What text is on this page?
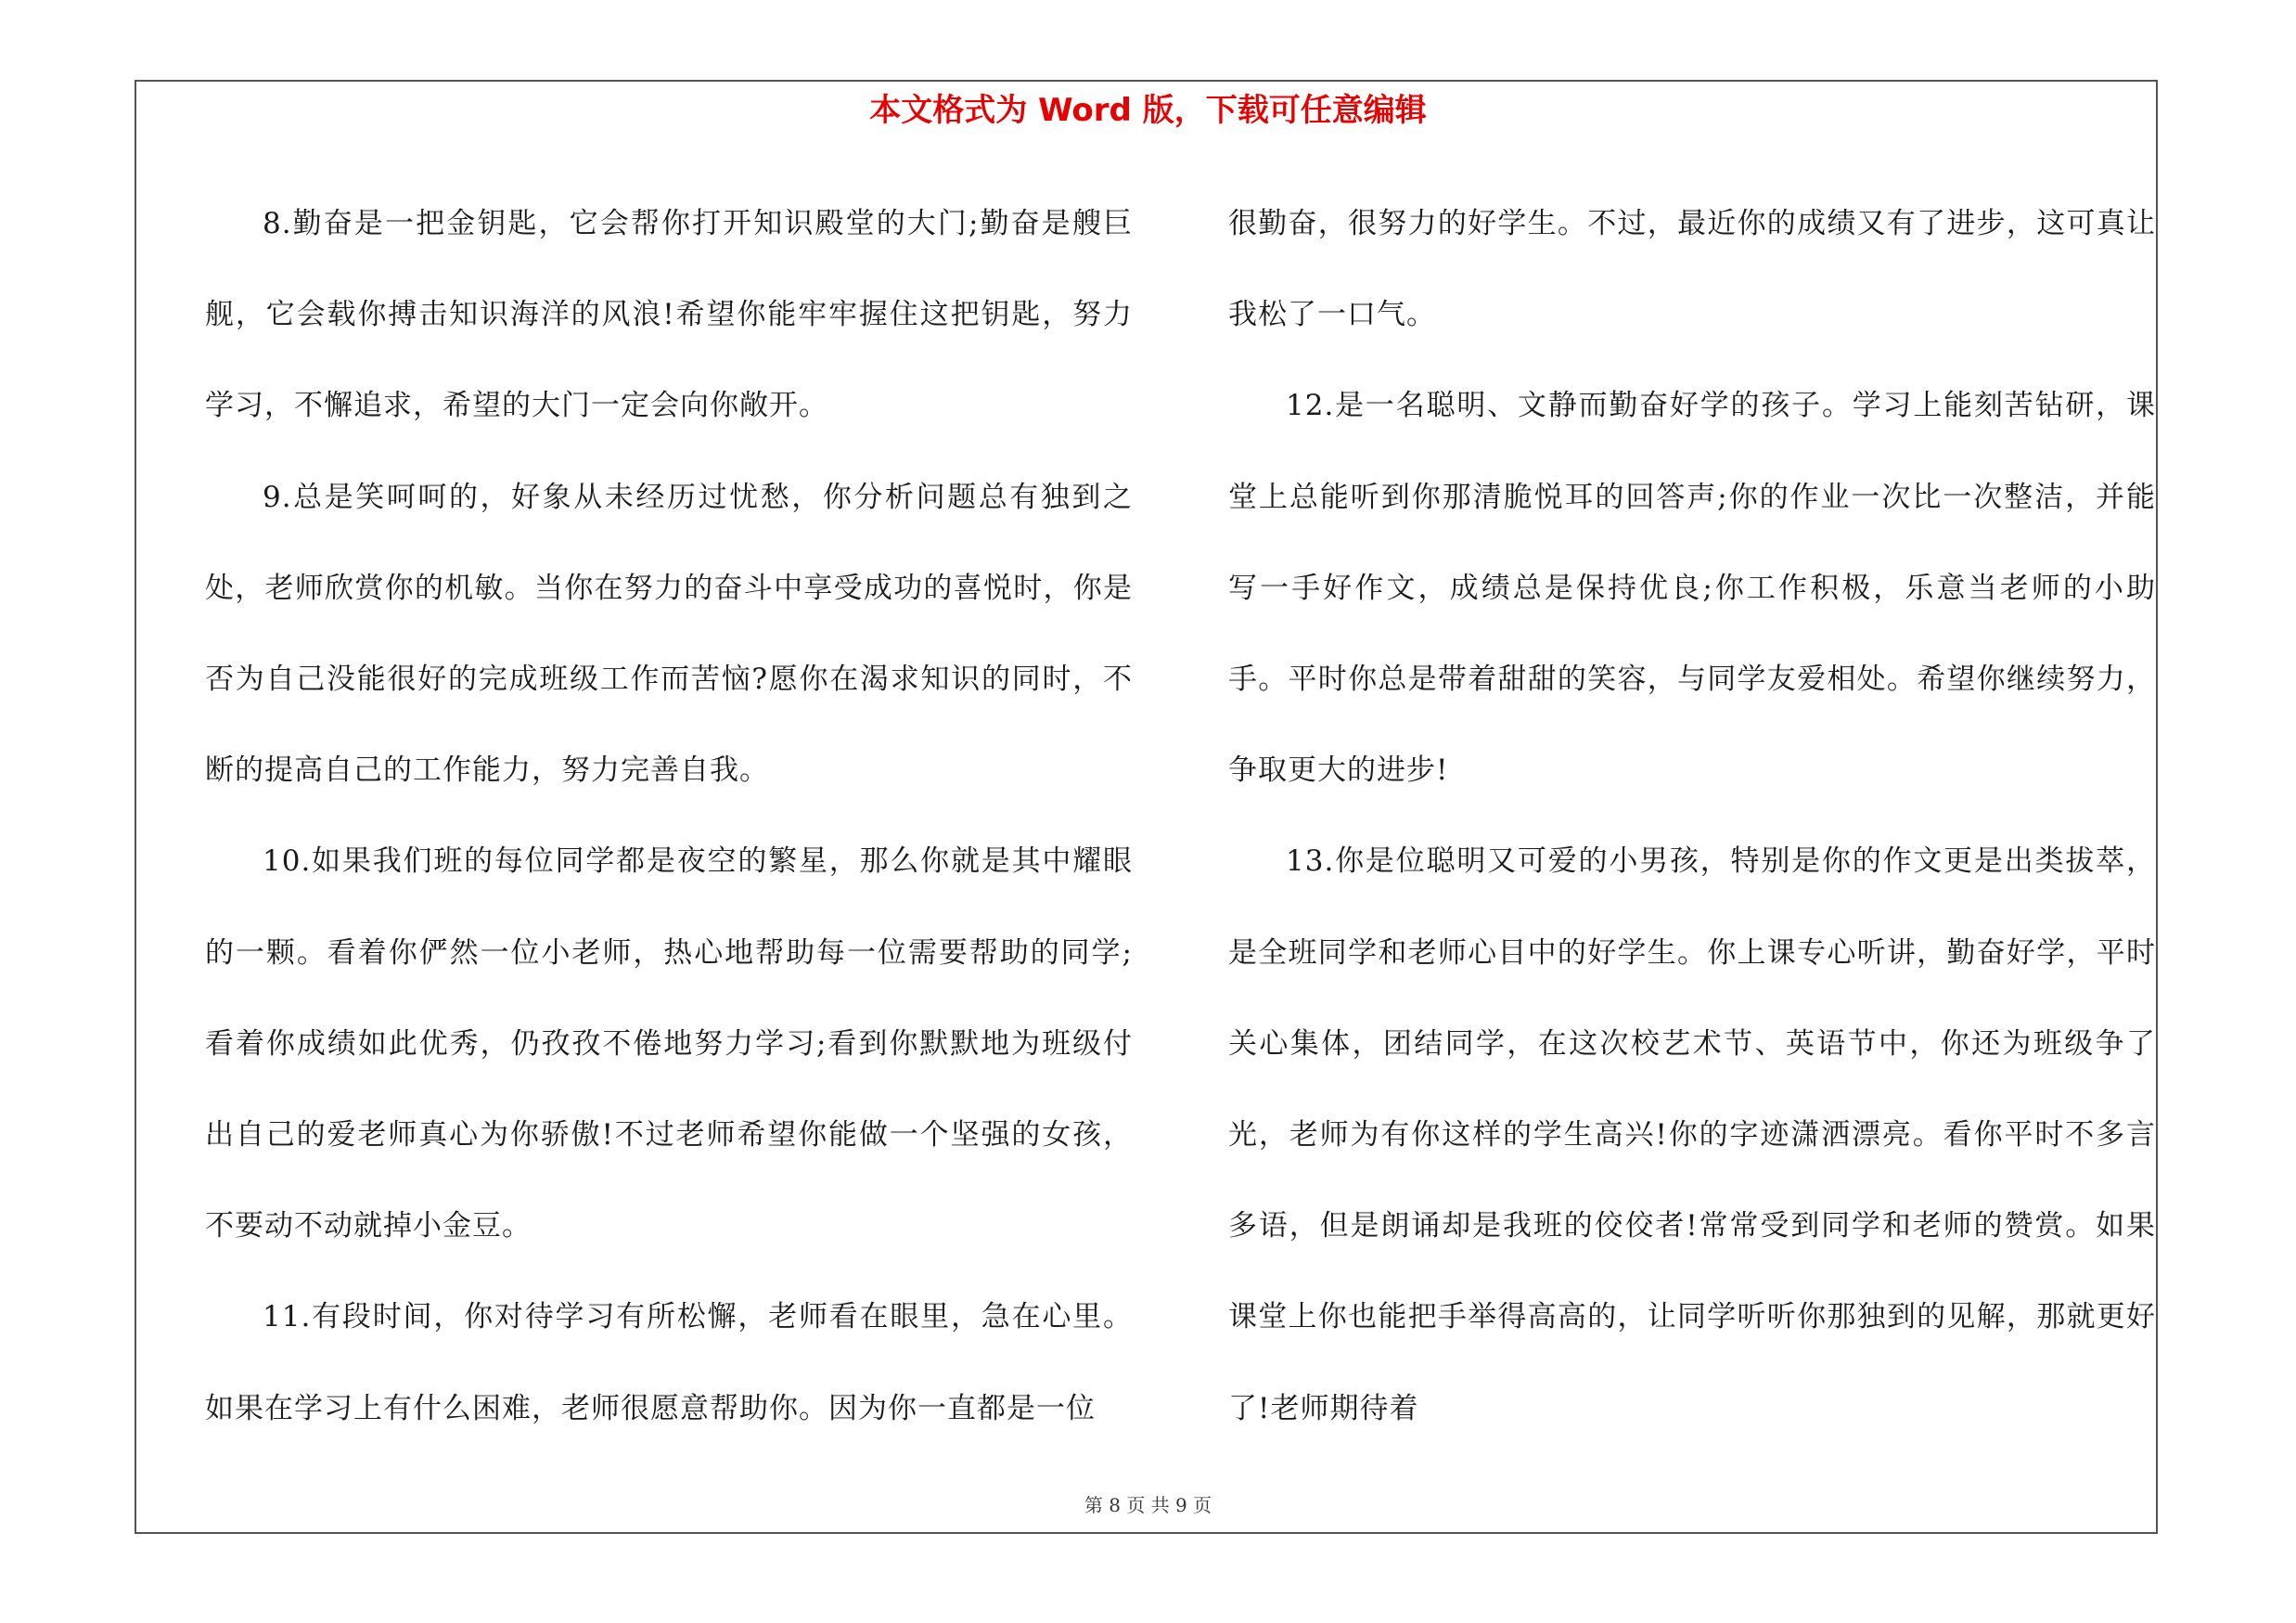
本文格式为 Word 版，下载可任意编辑

8.勤奋是一把金钥匙，它会帮你打开知识殿堂的大门;勤奋是艘巨舰，它会载你搏击知识海洋的风浪!希望你能牢牢握住这把钥匙，努力学习，不懈追求，希望的大门一定会向你敞开。

9.总是笑呵呵的，好象从未经历过忧愁，你分析问题总有独到之处，老师欣赏你的机敏。当你在努力的奋斗中享受成功的喜悦时，你是否为自己没能很好的完成班级工作而苦恼?愿你在渴求知识的同时，不断的提高自己的工作能力，努力完善自我。

10.如果我们班的每位同学都是夜空的繁星，那么你就是其中耀眼的一颗。看着你俨然一位小老师，热心地帮助每一位需要帮助的同学;看着你成绩如此优秀，仍孜孜不倦地努力学习;看到你默默地为班级付出自己的爱老师真心为你骄傲!不过老师希望你能做一个坚强的女孩，不要动不动就掉小金豆。

11.有段时间，你对待学习有所松懈，老师看在眼里，急在心里。如果在学习上有什么困难，老师很愿意帮助你。因为你一直都是一位

很勤奋，很努力的好学生。不过，最近你的成绩又有了进步，这可真让我松了一口气。

12.是一名聪明、文静而勤奋好学的孩子。学习上能刻苦钻研，课堂上总能听到你那清脆悦耳的回答声;你的作业一次比一次整洁，并能写一手好作文，成绩总是保持优良;你工作积极，乐意当老师的小助手。平时你总是带着甜甜的笑容，与同学友爱相处。希望你继续努力，争取更大的进步!

13.你是位聪明又可爱的小男孩，特别是你的作文更是出类拔萃，是全班同学和老师心目中的好学生。你上课专心听讲，勤奋好学，平时关心集体，团结同学，在这次校艺术节、英语节中，你还为班级争了光，老师为有你这样的学生高兴!你的字迹潇洒漂亮。看你平时不多言多语，但是朗诵却是我班的佼佼者!常常受到同学和老师的赞赏。如果课堂上你也能把手举得高高的，让同学听听你那独到的见解，那就更好了!老师期待着

第 8 页 共 9 页
